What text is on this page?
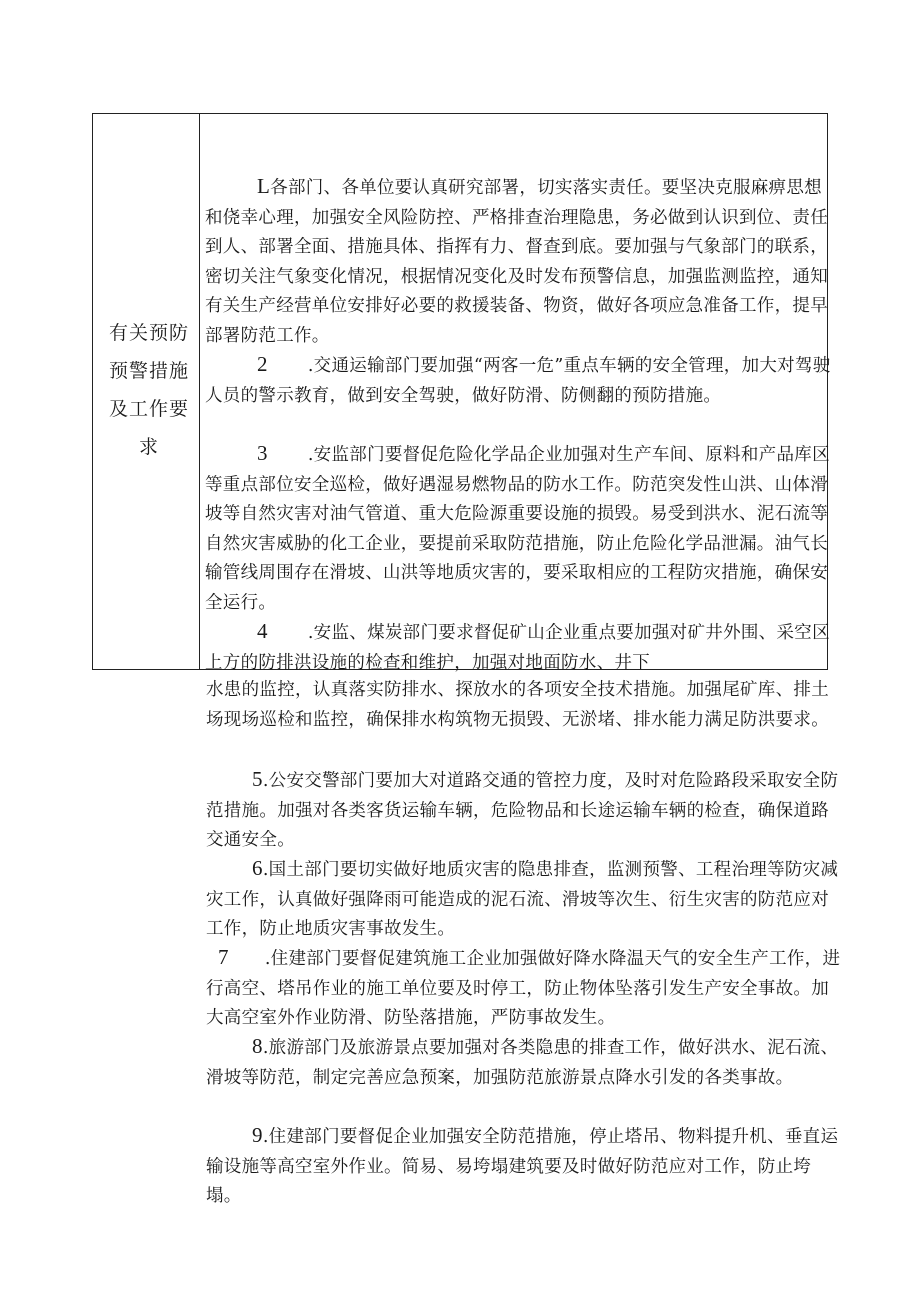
有关预防预警措施及工作要求

L各部门、各单位要认真研究部署，切实落实责任。要坚决克服麻痹思想和侥幸心理，加强安全风险防控、严格排查治理隐患，务必做到认识到位、责任到人、部署全面、措施具体、指挥有力、督查到底。要加强与气象部门的联系，密切关注气象变化情况，根据情况变化及时发布预警信息，加强监测监控，通知有关生产经营单位安排好必要的救援装备、物资，做好各项应急准备工作，提早部署防范工作。

2 .交通运输部门要加强“两客一危”重点车辆的安全管理，加大对驾驶人员的警示教育，做到安全驾驶，做好防滑、防侧翻的预防措施。

3 .安监部门要督促危险化学品企业加强对生产车间、原料和产品库区等重点部位安全巡检，做好遇湿易燃物品的防水工作。防范突发性山洪、山体滑坡等自然灾害对油气管道、重大危险源重要设施的损毁。易受到洪水、泥石流等自然灾害威胁的化工企业，要提前采取防范措施，防止危险化学品泄漏。油气长输管线周围存在滑坡、山洪等地质灾害的，要采取相应的工程防灾措施，确保安全运行。

4 .安监、煤炭部门要求督促矿山企业重点要加强对矿井外围、采空区上方的防排洪设施的检查和维护，加强对地面防水、井下

水患的监控，认真落实防排水、探放水的各项安全技术措施。加强尾矿库、排土场现场巡检和监控，确保排水构筑物无损毁、无淤堵、排水能力满足防洪要求。

5.公安交警部门要加大对道路交通的管控力度，及时对危险路段采取安全防范措施。加强对各类客货运输车辆，危险物品和长途运输车辆的检查，确保道路交通安全。

6.国土部门要切实做好地质灾害的隐患排查，监测预警、工程治理等防灾减灾工作，认真做好强降雨可能造成的泥石流、滑坡等次生、衍生灾害的防范应对工作，防止地质灾害事故发生。

7 .住建部门要督促建筑施工企业加强做好降水降温天气的安全生产工作，进行高空、塔吊作业的施工单位要及时停工，防止物体坠落引发生产安全事故。加大高空室外作业防滑、防坠落措施，严防事故发生。

8.旅游部门及旅游景点要加强对各类隐患的排查工作，做好洪水、泥石流、滑坡等防范，制定完善应急预案，加强防范旅游景点降水引发的各类事故。

9.住建部门要督促企业加强安全防范措施，停止塔吊、物料提升机、垂直运输设施等高空室外作业。简易、易垮塌建筑要及时做好防范应对工作，防止垮塌。
